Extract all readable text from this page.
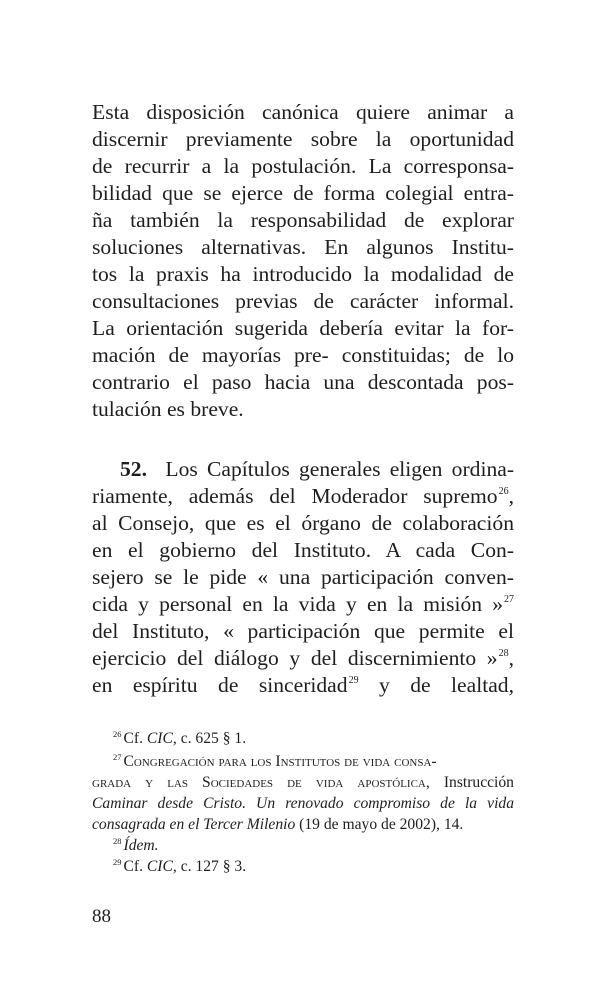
Esta disposición canónica quiere animar a
discernir previamente sobre la oportunidad
de recurrir a la postulación. La corresponsa-
bilidad que se ejerce de forma colegial entra-
ña también la responsabilidad de explorar
soluciones alternativas. En algunos Institu-
tos la praxis ha introducido la modalidad de
consultaciones previas de carácter informal.
La orientación sugerida debería evitar la for-
mación de mayorías pre- constituidas; de lo
contrario el paso hacia una descontada pos-
tulación es breve.
52. Los Capítulos generales eligen ordina-
riamente, además del Moderador supremo$^{26}$,
al Consejo, que es el órgano de colaboración
en el gobierno del Instituto. A cada Con-
sejero se le pide « una participación conven-
cida y personal en la vida y en la misión »$^{27}$
del Instituto, « participación que permite el
ejercicio del diálogo y del discernimiento »$^{28}$,
en espíritu de sinceridad$^{29}$ y de lealtad,
$^{26}$ Cf. CIC, c. 625 § 1.
$^{27}$ Congregación para los Institutos de vida consa-
grada y las Sociedades de vida apostólica, Instrucción
Caminar desde Cristo. Un renovado compromiso de la vida
consagrada en el Tercer Milenio (19 de mayo de 2002), 14.
$^{28}$ Ídem.
$^{29}$ Cf. CIC, c. 127 § 3.
88
